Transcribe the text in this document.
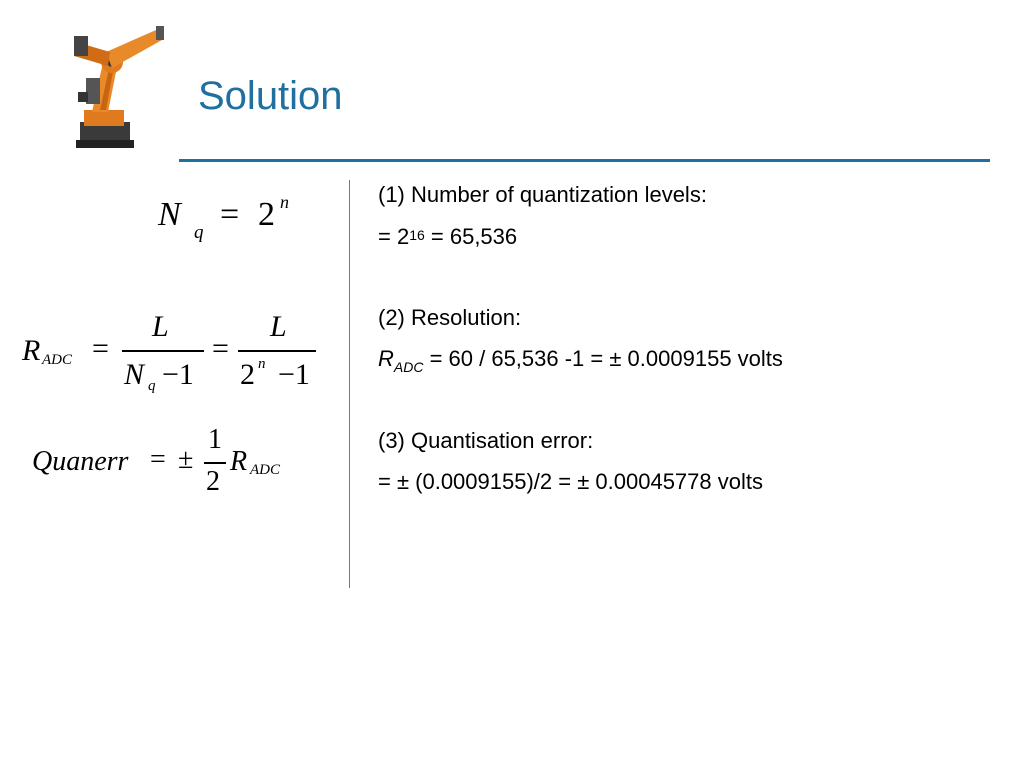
Solution
N q = 2 n
R ADC =
L
N q −1
=
L
2 n −1
Quanerr = ±
1
2
R ADC
(1) Number of quantization levels:
= $2^{16} = 65,536$
(2) Resolution:
$R_{ADC} = 60 / 65,536$ -1 = ± 0.0009155 volts
(3) Quantisation error:
= ± (0.0009155)/2 = ± 0.00045778 volts
